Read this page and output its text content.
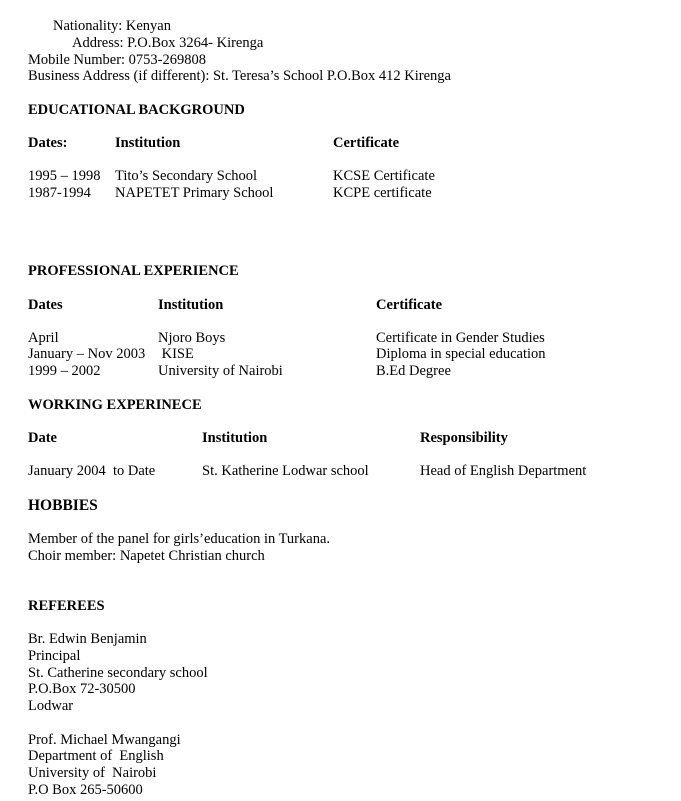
Nationality: Kenyan
Address: P.O.Box 3264- Kirenga
Mobile Number: 0753-269808
Business Address (if different): St. Teresa’s School P.O.Box 412 Kirenga
EDUCATIONAL BACKGROUND
Dates:	Institution	Certificate
1995 – 1998 Tito’s Secondary School	KCSE Certificate
1987-1994 NAPETET Primary School	KCPE certificate
PROFESSIONAL EXPERIENCE
Dates	Institution	Certificate
April	Njoro Boys	Certificate in Gender Studies
January – Nov 2003 KISE	Diploma in special education
1999 – 2002	University of Nairobi	B.Ed Degree
WORKING EXPERINECE
Date	Institution	Responsibility
January 2004  to Date	St. Katherine Lodwar school	Head of English Department
HOBBIES
Member of the panel for girls’education in Turkana.
Choir member: Napetet Christian church
REFEREES
Br. Edwin Benjamin
Principal
St. Catherine secondary school
P.O.Box 72-30500
Lodwar
Prof. Michael Mwangangi
Department of  English
University of  Nairobi
P.O Box 265-50600
